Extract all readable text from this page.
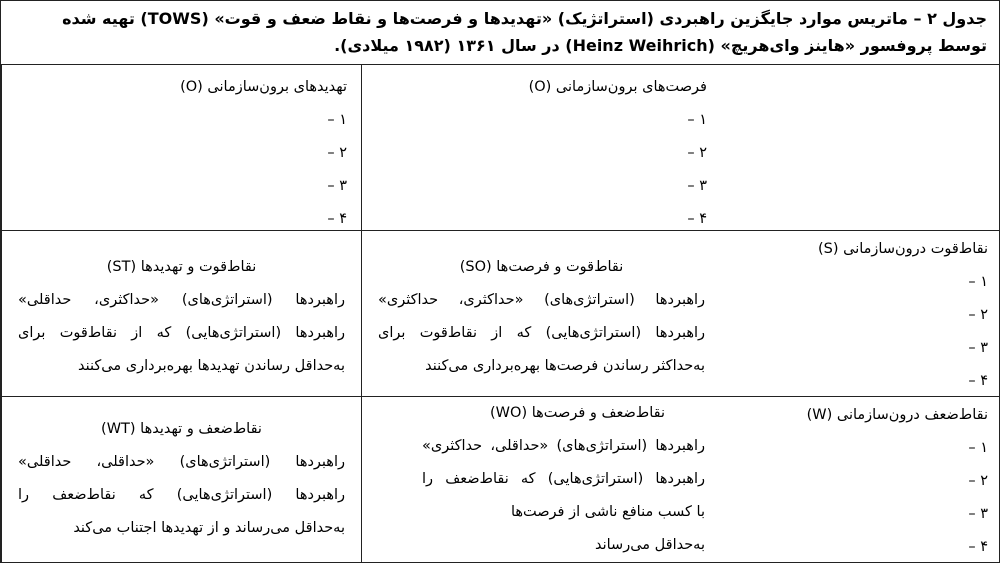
جدول ۲ – ماتریس موارد جایگزین راهبردی (استراتژیک) «تهدیدها و فرصت‌ها و نقاط ضعف و قوت» (TOWS) تهیه شده توسط پروفسور «هاینز وای‌هریچ» (Heinz Weihrich) در سال ۱۳۶۱ (۱۹۸۲ میلادی).

فرصت‌های برون‌سازمانی (O)

۱ –

۲ –

۳ –

۴ –

تهدیدهای برون‌سازمانی (O)

۱ –

۲ –

۳ –

۴ –

نقاط‌قوت درون‌سازمانی (S)

۱ –

۲ –

۳ –

۴ –

نقاط‌قوت و فرصت‌ها (SO)

راهبردها (استراتژی‌های) «حداکثری، حداکثری»

راهبردها (استراتژی‌هایی) که از نقاط‌قوت برای

به‌حداکثر رساندن فرصت‌ها بهره‌برداری می‌کنند

نقاط‌قوت و تهدیدها (ST)

راهبردها (استراتژی‌های) «حداکثری، حداقلی»

راهبردها (استراتژی‌هایی) که از نقاط‌قوت برای

به‌حداقل رساندن تهدیدها بهره‌برداری می‌کنند

نقاط‌ضعف درون‌سازمانی (W)

۱ –

۲ –

۳ –

۴ –

نقاط‌ضعف و فرصت‌ها (WO)

راهبردها (استراتژی‌های) «حداقلی، حداکثری»

راهبردها (استراتژی‌هایی) که نقاط‌ضعف را

با کسب منافع ناشی از فرصت‌ها

به‌حداقل می‌رساند

نقاط‌ضعف و تهدیدها (WT)

راهبردها (استراتژی‌های) «حداقلی، حداقلی»

راهبردها (استراتژی‌هایی) که نقاط‌ضعف را

به‌حداقل می‌رساند و از تهدیدها اجتناب می‌کند
